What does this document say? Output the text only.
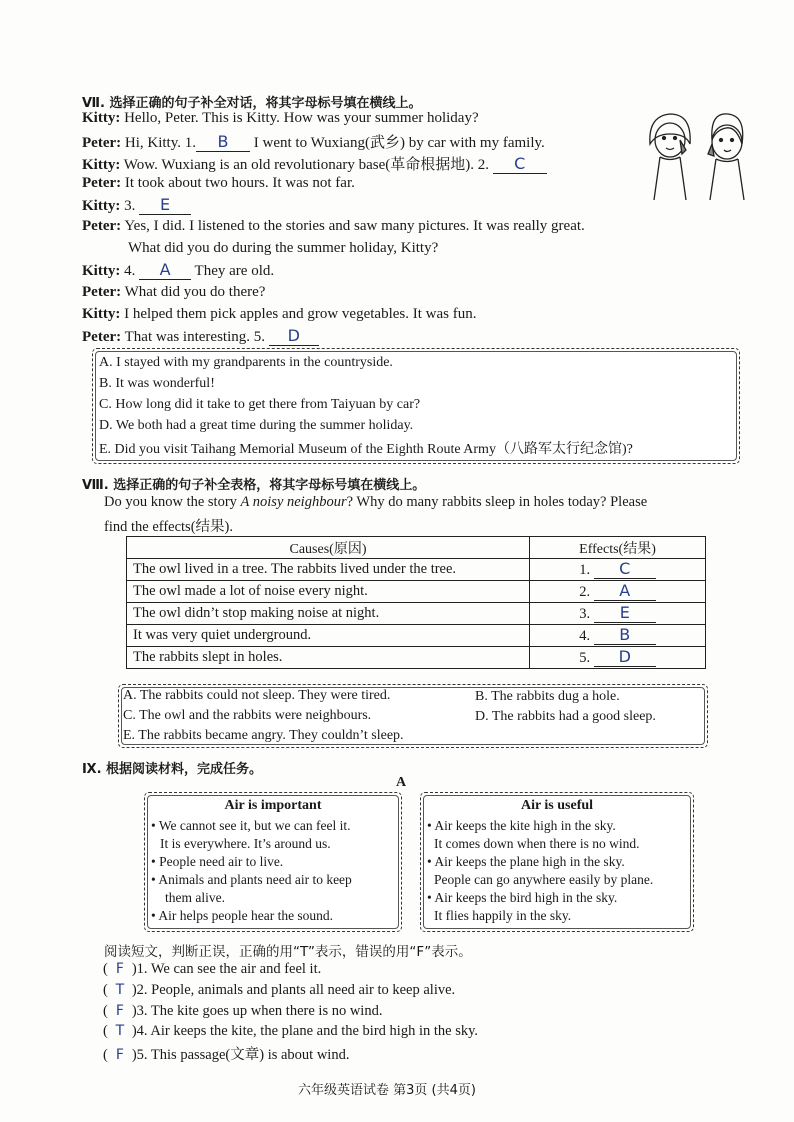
Ⅶ. 选择正确的句子补全对话，将其字母标号填在横线上。
Kitty: Hello, Peter. This is Kitty. How was your summer holiday?
Peter: Hi, Kitty. 1. B I went to Wuxiang(武乡) by car with my family.
Kitty: Wow. Wuxiang is an old revolutionary base(革命根据地). 2. C
Peter: It took about two hours. It was not far.
Kitty: 3. E
Peter: Yes, I did. I listened to the stories and saw many pictures. It was really great.
What did you do during the summer holiday, Kitty?
Kitty: 4. A They are old.
Peter: What did you do there?
Kitty: I helped them pick apples and grow vegetables. It was fun.
Peter: That was interesting. 5. D
A. I stayed with my grandparents in the countryside.
B. It was wonderful!
C. How long did it take to get there from Taiyuan by car?
D. We both had a great time during the summer holiday.
E. Did you visit Taihang Memorial Museum of the Eighth Route Army（八路军太行纪念馆)?
Ⅷ. 选择正确的句子补全表格，将其字母标号填在横线上。
Do you know the story A noisy neighbour? Why do many rabbits sleep in holes today? Please
find the effects(结果).
Causes(原因)	Effects(结果)
The owl lived in a tree. The rabbits lived under the tree.	1. C
The owl made a lot of noise every night.	2. A
The owl didn’t stop making noise at night.	3. E
It was very quiet underground.	4. B
The rabbits slept in holes.	5. D
A. The rabbits could not sleep. They were tired.
C. The owl and the rabbits were neighbours.
E. The rabbits became angry. They couldn’t sleep.
B. The rabbits dug a hole.
D. The rabbits had a good sleep.
Ⅸ. 根据阅读材料，完成任务。
A
Air is important
• We cannot see it, but we can feel it.
It is everywhere. It’s around us.
• People need air to live.
• Animals and plants need air to keep
them alive.
• Air helps people hear the sound.
Air is useful
• Air keeps the kite high in the sky.
It comes down when there is no wind.
• Air keeps the plane high in the sky.
People can go anywhere easily by plane.
• Air keeps the bird high in the sky.
It flies happily in the sky.
阅读短文，判断正误，正确的用“T”表示，错误的用“F”表示。
( F )1. We can see the air and feel it.
( T )2. People, animals and plants all need air to keep alive.
( F )3. The kite goes up when there is no wind.
( T )4. Air keeps the kite, the plane and the bird high in the sky.
( F )5. This passage(文章) is about wind.
六年级英语试卷 第3页 (共4页)
